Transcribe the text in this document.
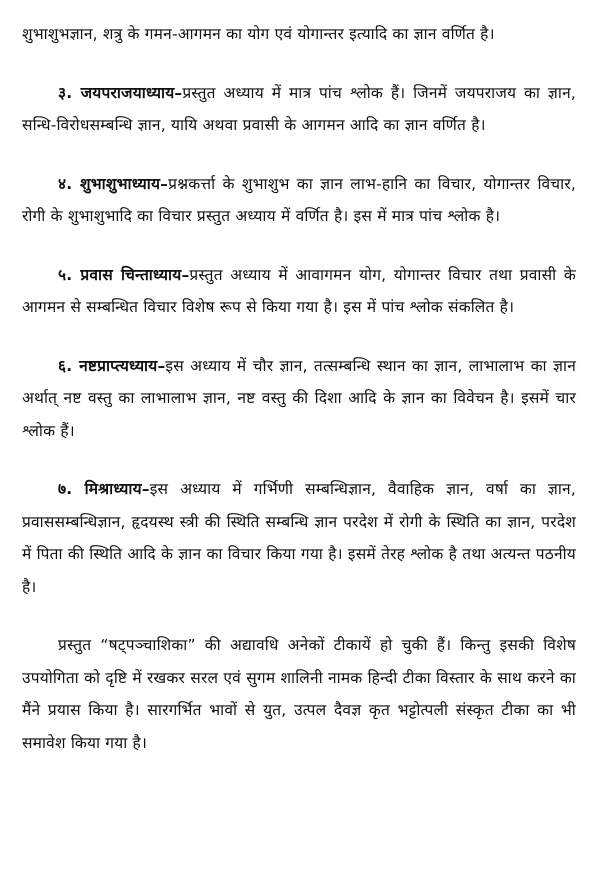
शुभाशुभज्ञान, शत्रु के गमन-आगमन का योग एवं योगान्तर इत्यादि का ज्ञान वर्णित है।

३. जयपराजयाध्याय–प्रस्तुत अध्याय में मात्र पांच श्लोक हैं। जिनमें जयपराजय का ज्ञान, सन्धि-विरोधसम्बन्धि ज्ञान, यायि अथवा प्रवासी के आगमन आदि का ज्ञान वर्णित है।

४. शुभाशुभाध्याय–प्रश्नकर्त्ता के शुभाशुभ का ज्ञान लाभ-हानि का विचार, योगान्तर विचार, रोगी के शुभाशुभादि का विचार प्रस्तुत अध्याय में वर्णित है। इस में मात्र पांच श्लोक है।

५. प्रवास चिन्ताध्याय–प्रस्तुत अध्याय में आवागमन योग, योगान्तर विचार तथा प्रवासी के आगमन से सम्बन्धित विचार विशेष रूप से किया गया है। इस में पांच श्लोक संकलित है।

६. नष्टप्राप्त्यध्याय–इस अध्याय में चौर ज्ञान, तत्सम्बन्धि स्थान का ज्ञान, लाभालाभ का ज्ञान अर्थात् नष्ट वस्तु का लाभालाभ ज्ञान, नष्ट वस्तु की दिशा आदि के ज्ञान का विवेचन है। इसमें चार श्लोक हैं।

७. मिश्राध्याय–इस अध्याय में गर्भिणी सम्बन्धिज्ञान, वैवाहिक ज्ञान, वर्षा का ज्ञान, प्रवाससम्बन्धिज्ञान, हृदयस्थ स्त्री की स्थिति सम्बन्धि ज्ञान परदेश में रोगी के स्थिति का ज्ञान, परदेश में पिता की स्थिति आदि के ज्ञान का विचार किया गया है। इसमें तेरह श्लोक है तथा अत्यन्त पठनीय है।

प्रस्तुत “षट्पञ्चाशिका” की अद्यावधि अनेकों टीकायें हो चुकी हैं। किन्तु इसकी विशेष उपयोगिता को दृष्टि में रखकर सरल एवं सुगम शालिनी नामक हिन्दी टीका विस्तार के साथ करने का मैंने प्रयास किया है। सारगर्भित भावों से युत, उत्पल दैवज्ञ कृत भट्टोत्पली संस्कृत टीका का भी समावेश किया गया है।
